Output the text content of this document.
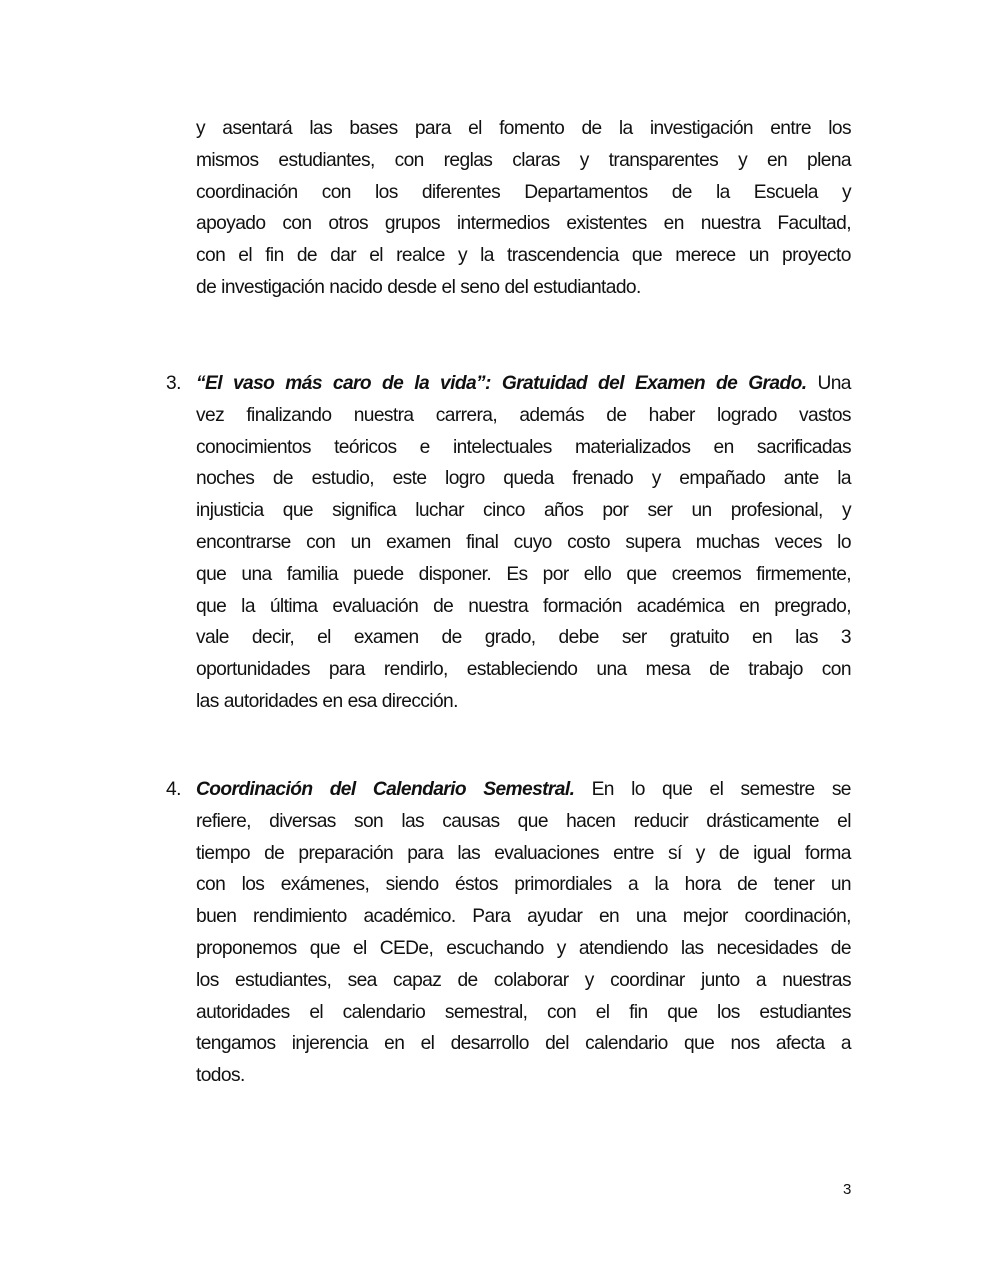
y asentará las bases para el fomento de la investigación entre los
mismos estudiantes, con reglas claras y transparentes y en plena
coordinación con los diferentes Departamentos de la Escuela y
apoyado con otros grupos intermedios existentes en nuestra Facultad,
con el fin de dar el realce y la trascendencia que merece un proyecto
de investigación nacido desde el seno del estudiantado.
3. “El vaso más caro de la vida”: Gratuidad del Examen de Grado. Una
vez finalizando nuestra carrera, además de haber logrado vastos
conocimientos teóricos e intelectuales materializados en sacrificadas
noches de estudio, este logro queda frenado y empañado ante la
injusticia que significa luchar cinco años por ser un profesional, y
encontrarse con un examen final cuyo costo supera muchas veces lo
que una familia puede disponer. Es por ello que creemos firmemente,
que la última evaluación de nuestra formación académica en pregrado,
vale decir, el examen de grado, debe ser gratuito en las 3
oportunidades para rendirlo, estableciendo una mesa de trabajo con
las autoridades en esa dirección.
4. Coordinación del Calendario Semestral. En lo que el semestre se
refiere, diversas son las causas que hacen reducir drásticamente el
tiempo de preparación para las evaluaciones entre sí y de igual forma
con los exámenes, siendo éstos primordiales a la hora de tener un
buen rendimiento académico. Para ayudar en una mejor coordinación,
proponemos que el CEDe, escuchando y atendiendo las necesidades de
los estudiantes, sea capaz de colaborar y coordinar junto a nuestras
autoridades el calendario semestral, con el fin que los estudiantes
tengamos injerencia en el desarrollo del calendario que nos afecta a
todos.
3
